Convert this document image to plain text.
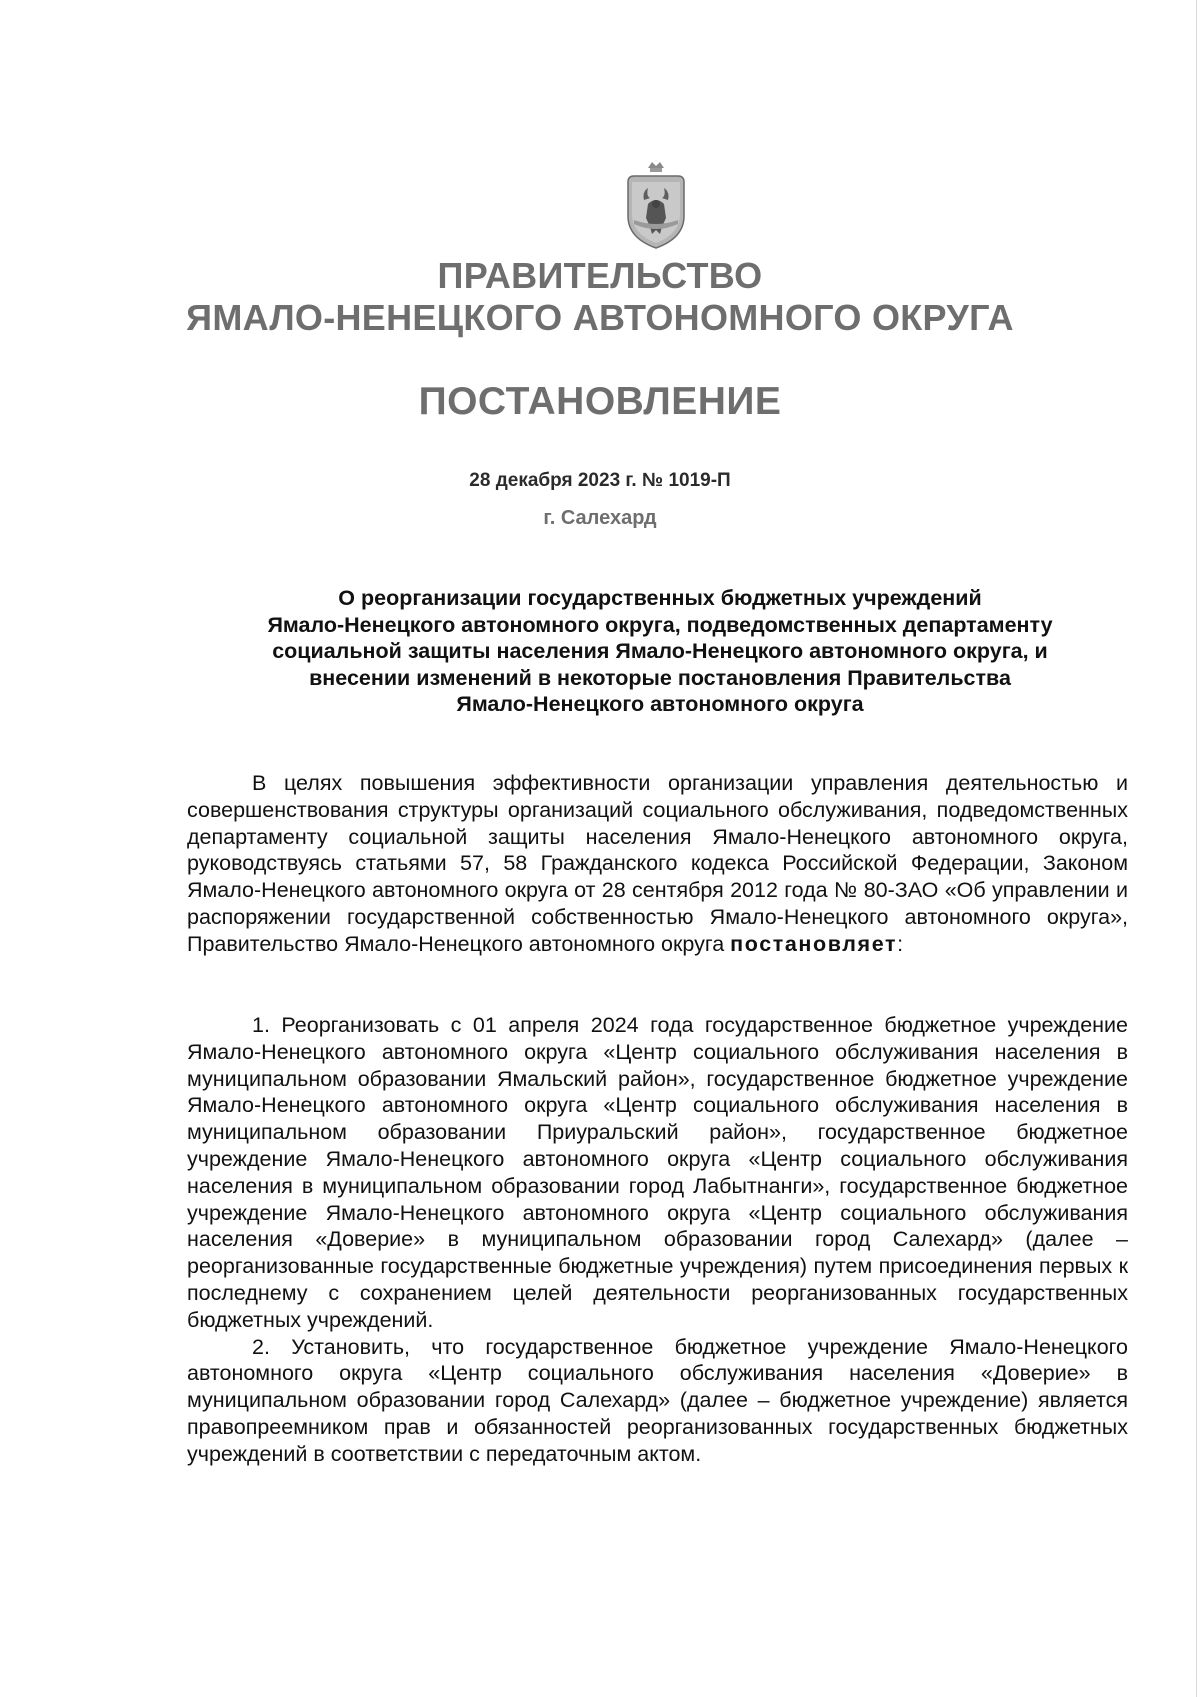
ПРАВИТЕЛЬСТВО
ЯМАЛО-НЕНЕЦКОГО АВТОНОМНОГО ОКРУГА
ПОСТАНОВЛЕНИЕ
28 декабря 2023 г. № 1019-П
г. Салехард
О реорганизации государственных бюджетных учреждений
Ямало-Ненецкого автономного округа, подведомственных департаменту
социальной защиты населения Ямало-Ненецкого автономного округа, и
внесении изменений в некоторые постановления Правительства
Ямало-Ненецкого автономного округа

В целях повышения эффективности организации управления деятельностью и совершенствования структуры организаций социального обслуживания, подведомственных департаменту социальной защиты населения Ямало-Ненецкого автономного округа, руководствуясь статьями 57, 58 Гражданского кодекса Российской Федерации, Законом Ямало-Ненецкого автономного округа от 28 сентября 2012 года № 80-ЗАО «Об управлении и распоряжении государственной собственностью Ямало-Ненецкого автономного округа», Правительство Ямало-Ненецкого автономного округа постановляет:

1. Реорганизовать с 01 апреля 2024 года государственное бюджетное учреждение Ямало-Ненецкого автономного округа «Центр социального обслуживания населения в муниципальном образовании Ямальский район», государственное бюджетное учреждение Ямало-Ненецкого автономного округа «Центр социального обслуживания населения в муниципальном образовании Приуральский район», государственное бюджетное учреждение Ямало-Ненецкого автономного округа «Центр социального обслуживания населения в муниципальном образовании город Лабытнанги», государственное бюджетное учреждение Ямало-Ненецкого автономного округа «Центр социального обслуживания населения «Доверие» в муниципальном образовании город Салехард» (далее – реорганизованные государственные бюджетные учреждения) путем присоединения первых к последнему с сохранением целей деятельности реорганизованных государственных бюджетных учреждений.

2. Установить, что государственное бюджетное учреждение Ямало-Ненецкого автономного округа «Центр социального обслуживания населения «Доверие» в муниципальном образовании город Салехард» (далее – бюджетное учреждение) является правопреемником прав и обязанностей реорганизованных государственных бюджетных учреждений в соответствии с передаточным актом.
